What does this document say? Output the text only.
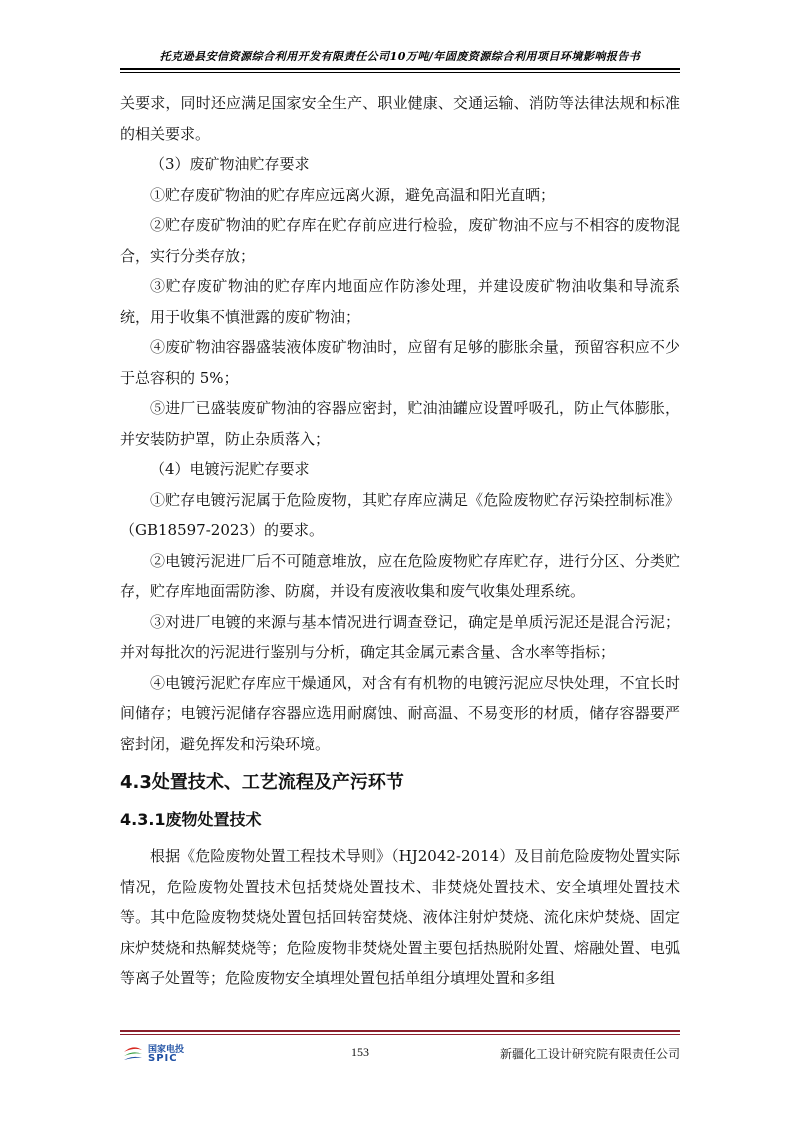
托克逊县安信资源综合利用开发有限责任公司10万吨/年固废资源综合利用项目环境影响报告书

关要求，同时还应满足国家安全生产、职业健康、交通运输、消防等法律法规和标准的相关要求。

（3）废矿物油贮存要求

①贮存废矿物油的贮存库应远离火源，避免高温和阳光直晒；

②贮存废矿物油的贮存库在贮存前应进行检验，废矿物油不应与不相容的废物混合，实行分类存放；

③贮存废矿物油的贮存库内地面应作防渗处理，并建设废矿物油收集和导流系统，用于收集不慎泄露的废矿物油；

④废矿物油容器盛装液体废矿物油时，应留有足够的膨胀余量，预留容积应不少于总容积的 5%；

⑤进厂已盛装废矿物油的容器应密封，贮油油罐应设置呼吸孔，防止气体膨胀，并安装防护罩，防止杂质落入；

（4）电镀污泥贮存要求

①贮存电镀污泥属于危险废物，其贮存库应满足《危险废物贮存污染控制标准》（GB18597-2023）的要求。

②电镀污泥进厂后不可随意堆放，应在危险废物贮存库贮存，进行分区、分类贮存，贮存库地面需防渗、防腐，并设有废液收集和废气收集处理系统。

③对进厂电镀的来源与基本情况进行调查登记，确定是单质污泥还是混合污泥；并对每批次的污泥进行鉴别与分析，确定其金属元素含量、含水率等指标；

④电镀污泥贮存库应干燥通风，对含有有机物的电镀污泥应尽快处理，不宜长时间储存；电镀污泥储存容器应选用耐腐蚀、耐高温、不易变形的材质，储存容器要严密封闭，避免挥发和污染环境。

4.3处置技术、工艺流程及产污环节
4.3.1废物处置技术

根据《危险废物处置工程技术导则》（HJ2042-2014）及目前危险废物处置实际情况，危险废物处置技术包括焚烧处置技术、非焚烧处置技术、安全填埋处置技术等。其中危险废物焚烧处置包括回转窑焚烧、液体注射炉焚烧、流化床炉焚烧、固定床炉焚烧和热解焚烧等；危险废物非焚烧处置主要包括热脱附处置、熔融处置、电弧等离子处置等；危险废物安全填埋处置包括单组分填埋处置和多组

国家电投
SPIC	153	新疆化工设计研究院有限责任公司
